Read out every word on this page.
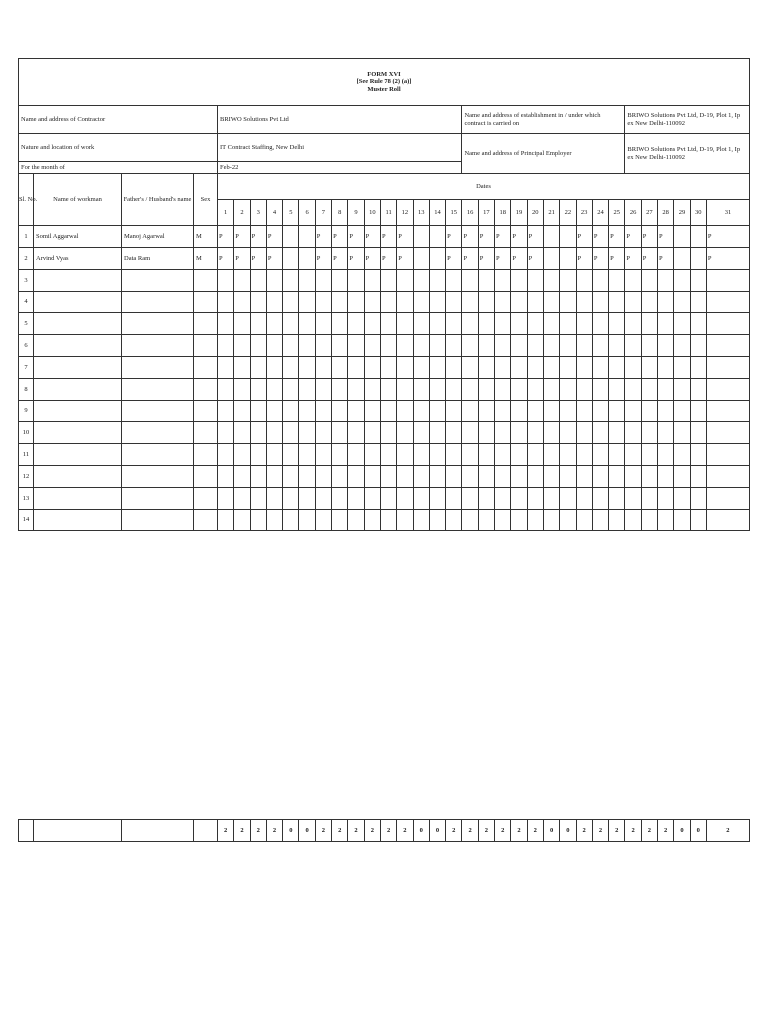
FORM XVI
[See Rule 78 (2) (a)]
Muster Roll																																		

Name and address of Contractor				BRIWO Solutions Pvt Ltd															Name and address of establishment in / under which contract is carried on										BRIWO Solutions Pvt Ltd, D-19, Plot 1, Ip ex New Delhi-110092					
Nature and location of work				IT Contract Staffing, New Delhi															Name and address of Principal Employer										BRIWO Solutions Pvt Ltd, D-19, Plot 1, Ip ex New Delhi-110092					
For the month of				Feb-22																														
Sl. No.	Name of workman	Father's / Husband's name	Sex	Dates																														
				1	2	3	4	5	6	7	8	9	10	11	12	13	14	15	16	17	18	19	20	21	22	23	24	25	26	27	28	29	30	31
1	Somil Aggarwal	Manoj Agarwal	M	P	P	P	P			P	P	P	P	P	P			P	P	P	P	P	P			P	P	P	P	P	P			P
2	Arvind Vyas	Data Ram	M	P	P	P	P			P	P	P	P	P	P			P	P	P	P	P	P			P	P	P	P	P	P			P
3																																		
4																																		
5																																		
6																																		
7																																		
8																																		
9																																		
10																																		
11																																		
12																																		
13																																		
14																																		
				2	2	2	2	0	0	2	2	2	2	2	2	0	0	2	2	2	2	2	2	0	0	2	2	2	2	2	2	0	0	2
